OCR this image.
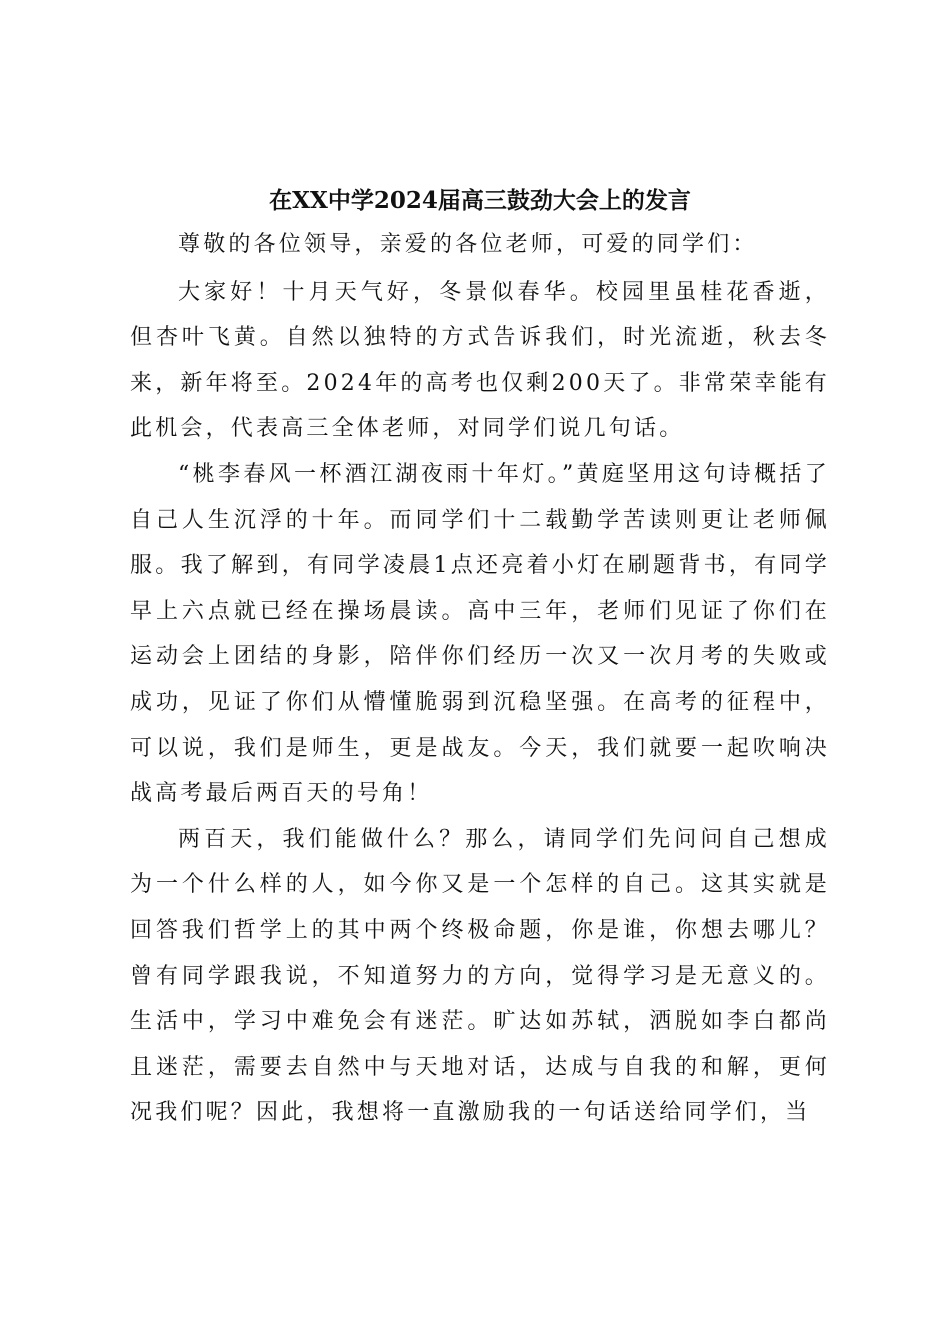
在XX中学2024届高三鼓劲大会上的发言

尊敬的各位领导，亲爱的各位老师，可爱的同学们：

大家好！十月天气好，冬景似春华。校园里虽桂花香逝，但杏叶飞黄。自然以独特的方式告诉我们，时光流逝，秋去冬来，新年将至。2024年的高考也仅剩200天了。非常荣幸能有此机会，代表高三全体老师，对同学们说几句话。

“桃李春风一杯酒江湖夜雨十年灯。”黄庭坚用这句诗概括了自己人生沉浮的十年。而同学们十二载勤学苦读则更让老师佩服。我了解到，有同学凌晨1点还亮着小灯在刷题背书，有同学早上六点就已经在操场晨读。高中三年，老师们见证了你们在运动会上团结的身影，陪伴你们经历一次又一次月考的失败或成功，见证了你们从懵懂脆弱到沉稳坚强。在高考的征程中，可以说，我们是师生，更是战友。今天，我们就要一起吹响决战高考最后两百天的号角！

两百天，我们能做什么？那么，请同学们先问问自己想成为一个什么样的人，如今你又是一个怎样的自己。这其实就是回答我们哲学上的其中两个终极命题，你是谁，你想去哪儿？曾有同学跟我说，不知道努力的方向，觉得学习是无意义的。生活中，学习中难免会有迷茫。旷达如苏轼，洒脱如李白都尚且迷茫，需要去自然中与天地对话，达成与自我的和解，更何况我们呢？因此，我想将一直激励我的一句话送给同学们，当
